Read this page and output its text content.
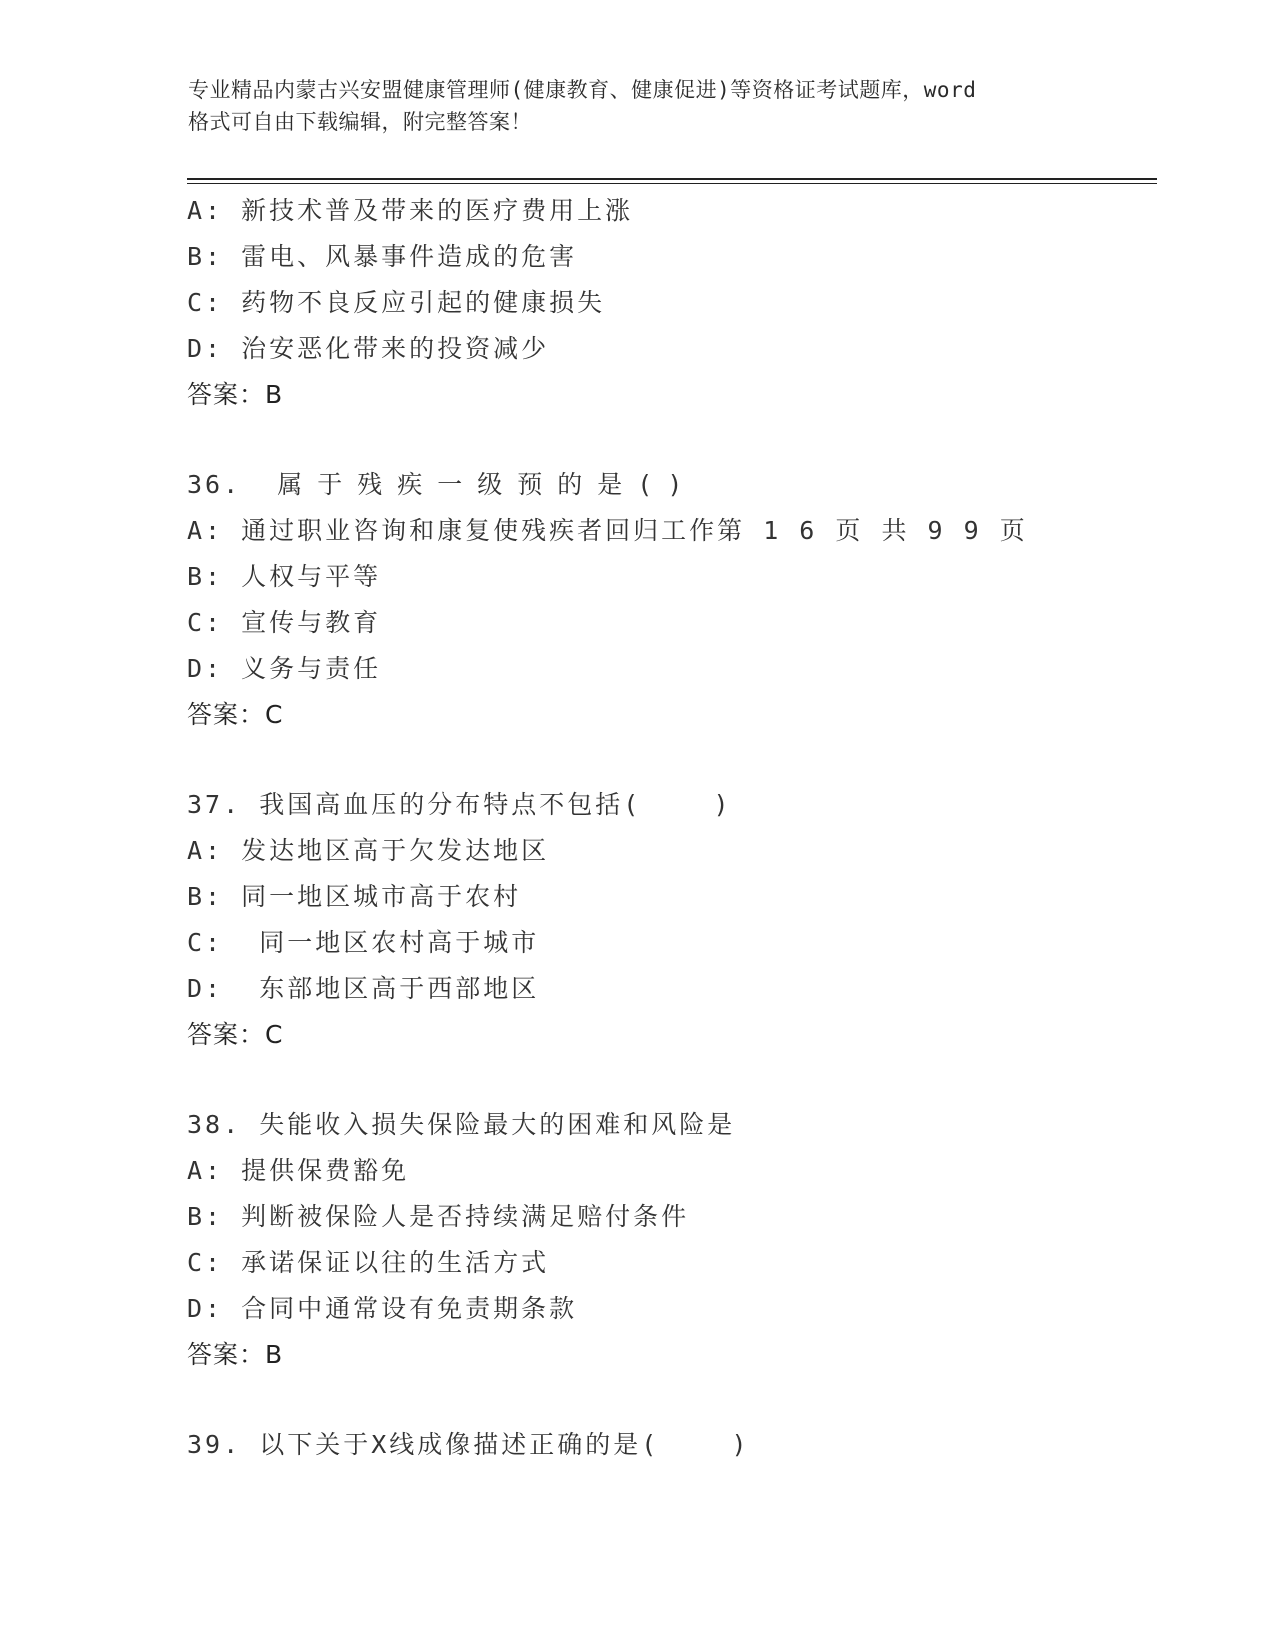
专业精品内蒙古兴安盟健康管理师(健康教育、健康促进)等资格证考试题库，word
格式可自由下载编辑，附完整答案！
A: 新技术普及带来的医疗费用上涨
B: 雷电、风暴事件造成的危害
C: 药物不良反应引起的健康损失
D: 治安恶化带来的投资减少
答案：B
36. 属于残疾一级预的是()
A: 通过职业咨询和康复使残疾者回归工作第 1 6 页 共 9 9 页
B: 人权与平等
C: 宣传与教育
D: 义务与责任
答案：C
37. 我国高血压的分布特点不包括(    )
A: 发达地区高于欠发达地区
B: 同一地区城市高于农村
C:  同一地区农村高于城市
D:  东部地区高于西部地区
答案：C
38. 失能收入损失保险最大的困难和风险是
A: 提供保费豁免
B: 判断被保险人是否持续满足赔付条件
C: 承诺保证以往的生活方式
D: 合同中通常设有免责期条款
答案：B
39. 以下关于X线成像描述正确的是(    )
